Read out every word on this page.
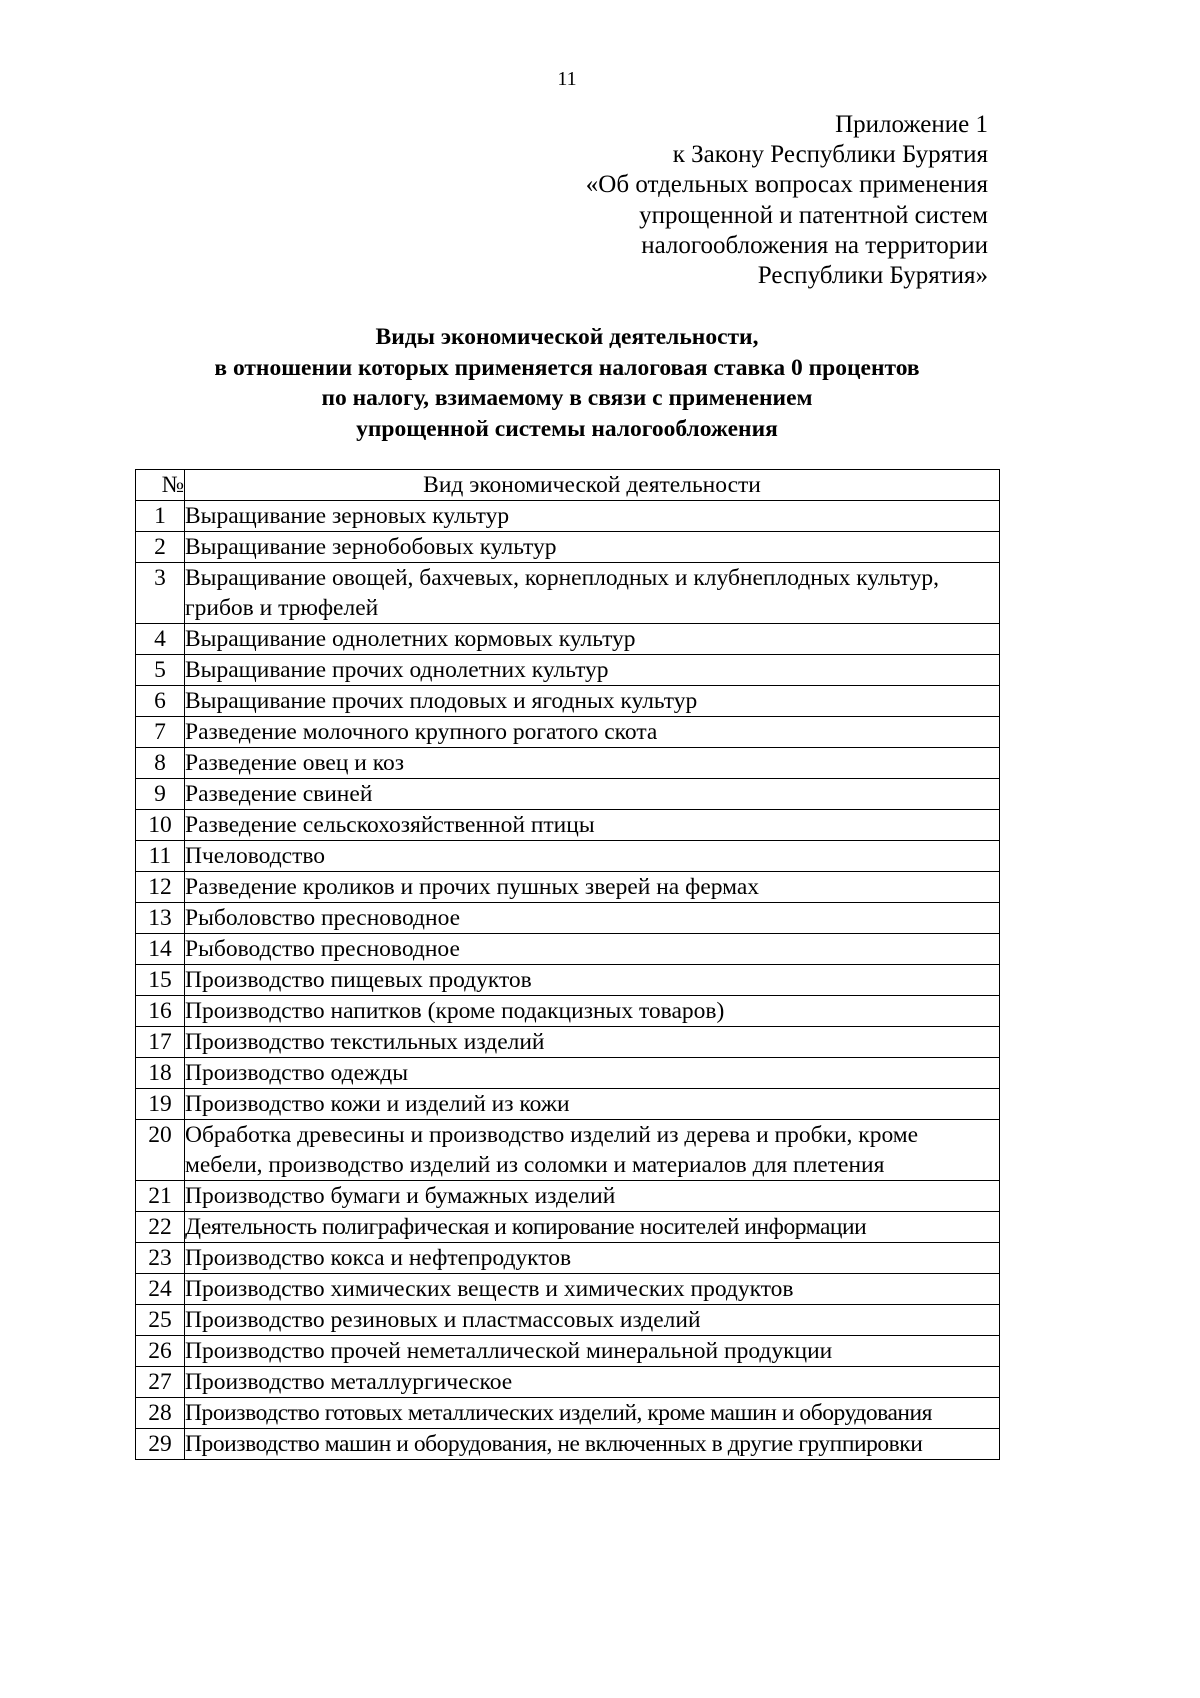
11
Приложение 1
к Закону Республики Бурятия
«Об отдельных вопросах применения
упрощенной и патентной систем
налогообложения на территории
Республики Бурятия»
Виды экономической деятельности,
в отношении которых применяется налоговая ставка 0 процентов
по налогу, взимаемому в связи с применением
упрощенной системы налогообложения
№	Вид экономической деятельности
1	Выращивание зерновых культур
2	Выращивание зернобобовых культур
3	Выращивание овощей, бахчевых, корнеплодных и клубнеплодных культур, грибов и трюфелей
4	Выращивание однолетних кормовых культур
5	Выращивание прочих однолетних культур
6	Выращивание прочих плодовых и ягодных культур
7	Разведение молочного крупного рогатого скота
8	Разведение овец и коз
9	Разведение свиней
10	Разведение сельскохозяйственной птицы
11	Пчеловодство
12	Разведение кроликов и прочих пушных зверей на фермах
13	Рыболовство пресноводное
14	Рыбоводство пресноводное
15	Производство пищевых продуктов
16	Производство напитков (кроме подакцизных товаров)
17	Производство текстильных изделий
18	Производство одежды
19	Производство кожи и изделий из кожи
20	Обработка древесины и производство изделий из дерева и пробки, кроме мебели, производство изделий из соломки и материалов для плетения
21	Производство бумаги и бумажных изделий
22	Деятельность полиграфическая и копирование носителей информации
23	Производство кокса и нефтепродуктов
24	Производство химических веществ и химических продуктов
25	Производство резиновых и пластмассовых изделий
26	Производство прочей неметаллической минеральной продукции
27	Производство металлургическое
28	Производство готовых металлических изделий, кроме машин и оборудования
29	Производство машин и оборудования, не включенных в другие группировки
